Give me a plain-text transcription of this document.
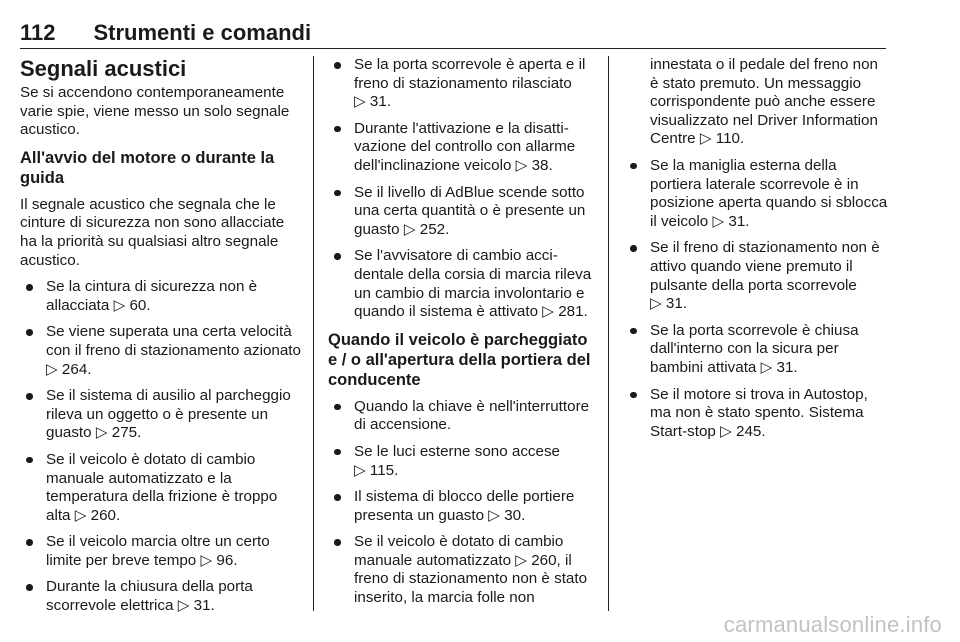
112 Strumenti e comandi
Segnali acustici

Se si accendono contemporaneamente varie spie, viene messo un solo segnale acustico.

All'avvio del motore o durante la guida

Il segnale acustico che segnala che le cinture di sicurezza non sono allacciate ha la priorità su qualsiasi altro segnale acustico.

Se la cintura di sicurezza non è allacciata ▷ 60.
Se viene superata una certa velocità con il freno di stazionamento azionato ▷ 264.
Se il sistema di ausilio al parcheggio rileva un oggetto o è presente un guasto ▷ 275.
Se il veicolo è dotato di cambio manuale automatizzato e la temperatura della frizione è troppo alta ▷ 260.
Se il veicolo marcia oltre un certo limite per breve tempo ▷ 96.
Durante la chiusura della porta scorrevole elettrica ▷ 31.
Se la porta scorrevole è aperta e il freno di stazionamento rilasciato ▷ 31.
Durante l'attivazione e la disattivazione del controllo con allarme dell'inclinazione veicolo ▷ 38.
Se il livello di AdBlue scende sotto una certa quantità o è presente un guasto ▷ 252.
Se l'avvisatore di cambio accidentale della corsia di marcia rileva un cambio di marcia involontario e quando il sistema è attivato ▷ 281.
Quando il veicolo è parcheggiato e / o all'apertura della portiera del conducente
Quando la chiave è nell'interruttore di accensione.
Se le luci esterne sono accese ▷ 115.
Il sistema di blocco delle portiere presenta un guasto ▷ 30.
Se il veicolo è dotato di cambio manuale automatizzato ▷ 260, il freno di stazionamento non è stato inserito, la marcia folle non

innestata o il pedale del freno non è stato premuto. Un messaggio corrispondente può anche essere visualizzato nel Driver Information Centre ▷ 110.

Se la maniglia esterna della portiera laterale scorrevole è in posizione aperta quando si sblocca il veicolo ▷ 31.
Se il freno di stazionamento non è attivo quando viene premuto il pulsante della porta scorrevole ▷ 31.
Se la porta scorrevole è chiusa dall'interno con la sicura per bambini attivata ▷ 31.
Se il motore si trova in Autostop, ma non è stato spento. Sistema Start-stop ▷ 245.
carmanualsonline.info
